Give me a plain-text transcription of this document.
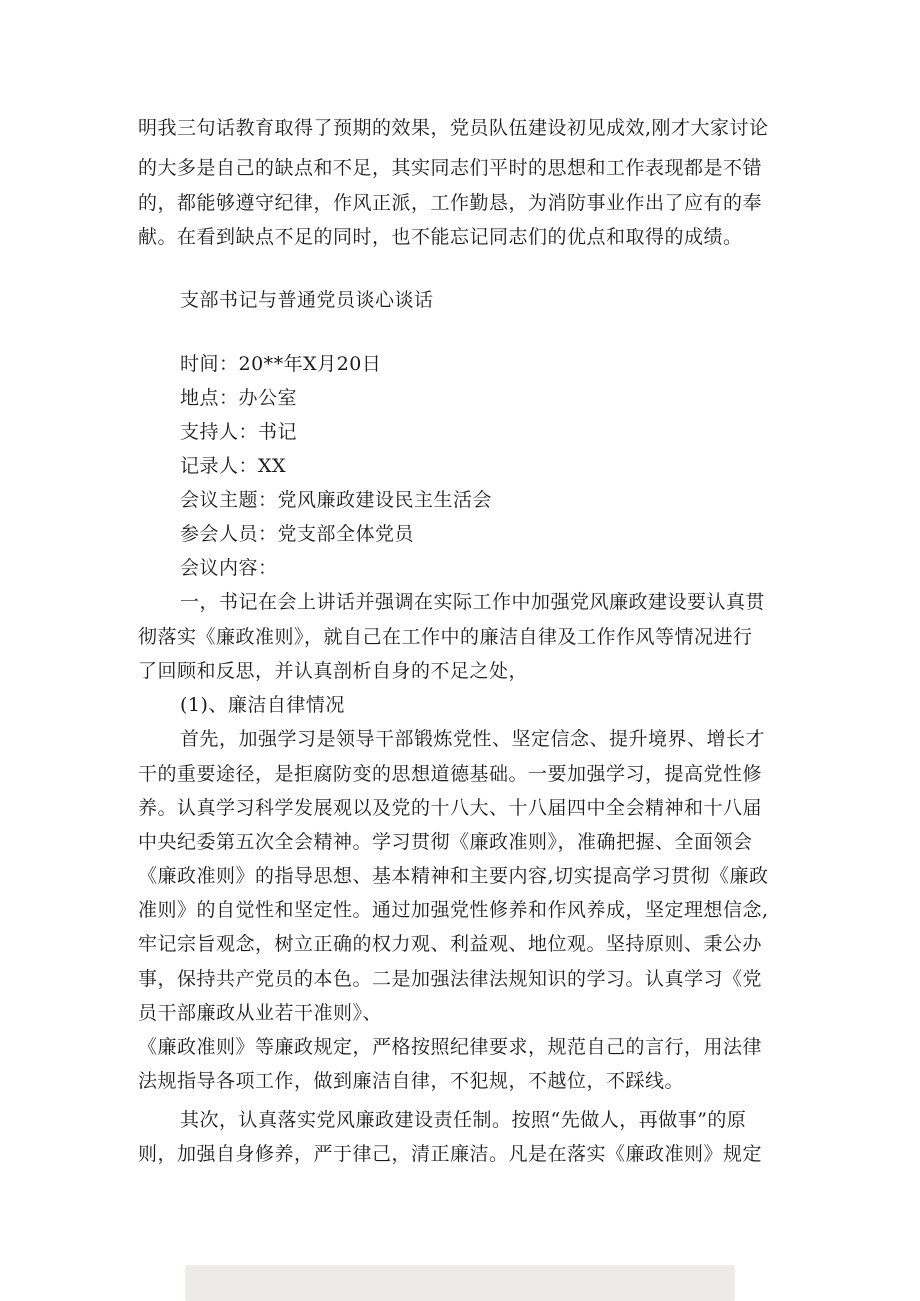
明我三句话教育取得了预期的效果，党员队伍建设初见成效,刚才大家讨论
的大多是自己的缺点和不足，其实同志们平时的思想和工作表现都是不错
的，都能够遵守纪律，作风正派，工作勤恳，为消防事业作出了应有的奉
献。在看到缺点不足的同时，也不能忘记同志们的优点和取得的成绩。
支部书记与普通党员谈心谈话
时间：20**年X月20日
地点：办公室
支持人：书记
记录人：XX
会议主题：党风廉政建设民主生活会
参会人员：党支部全体党员
会议内容：
一，书记在会上讲话并强调在实际工作中加强党风廉政建设要认真贯
彻落实《廉政准则》，就自己在工作中的廉洁自律及工作作风等情况进行
了回顾和反思，并认真剖析自身的不足之处，
(1)、廉洁自律情况
首先，加强学习是领导干部锻炼党性、坚定信念、提升境界、增长才
干的重要途径，是拒腐防变的思想道德基础。一要加强学习，提高党性修
养。认真学习科学发展观以及党的十八大、十八届四中全会精神和十八届
中央纪委第五次全会精神。学习贯彻《廉政准则》，准确把握、全面领会
《廉政准则》的指导思想、基本精神和主要内容,切实提高学习贯彻《廉政
准则》的自觉性和坚定性。通过加强党性修养和作风养成，坚定理想信念,
牢记宗旨观念，树立正确的权力观、利益观、地位观。坚持原则、秉公办
事，保持共产党员的本色。二是加强法律法规知识的学习。认真学习《党
员干部廉政从业若干准则》、
《廉政准则》等廉政规定，严格按照纪律要求，规范自己的言行，用法律
法规指导各项工作，做到廉洁自律，不犯规，不越位，不踩线。
其次，认真落实党风廉政建设责任制。按照“先做人，再做事”的原
则，加强自身修养，严于律己，清正廉洁。凡是在落实《廉政准则》规定
